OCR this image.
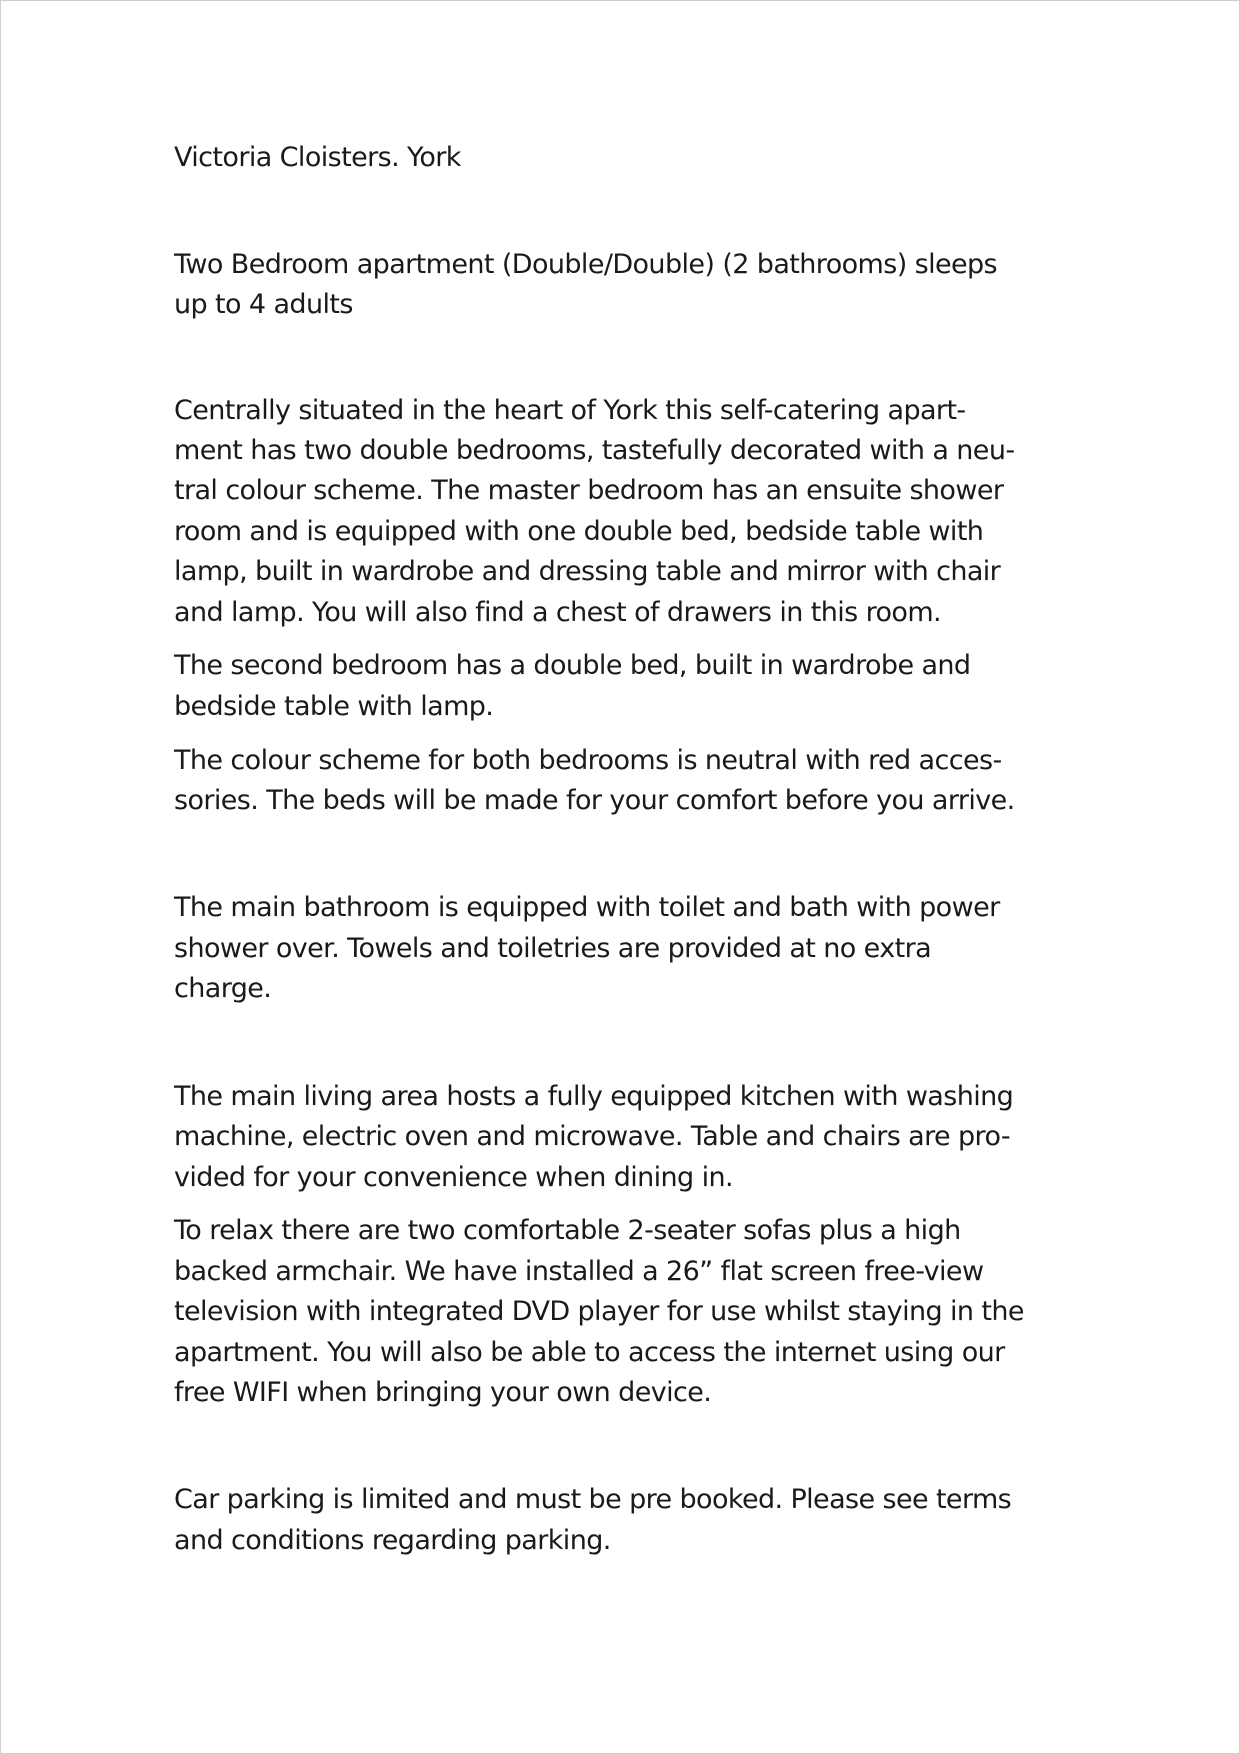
Victoria Cloisters. York

Two Bedroom apartment (Double/Double) (2 bathrooms) sleeps

up to 4 adults

Centrally situated in the heart of York this self-catering apart-

ment has two double bedrooms, tastefully decorated with a neu-

tral colour scheme. The master bedroom has an ensuite shower

room and is equipped with one double bed, bedside table with

lamp, built in wardrobe and dressing table and mirror with chair

and lamp. You will also find a chest of drawers in this room.

The second bedroom has a double bed, built in wardrobe and

bedside table with lamp.

The colour scheme for both bedrooms is neutral with red acces-

sories. The beds will be made for your comfort before you arrive.

The main bathroom is equipped with toilet and bath with power

shower over. Towels and toiletries are provided at no extra

charge.

The main living area hosts a fully equipped kitchen with washing

machine, electric oven and microwave. Table and chairs are pro-

vided for your convenience when dining in.

To relax there are two comfortable 2-seater sofas plus a high

backed armchair. We have installed a 26” flat screen free-view

television with integrated DVD player for use whilst staying in the

apartment. You will also be able to access the internet using our

free WIFI when bringing your own device.

Car parking is limited and must be pre booked. Please see terms

and conditions regarding parking.
